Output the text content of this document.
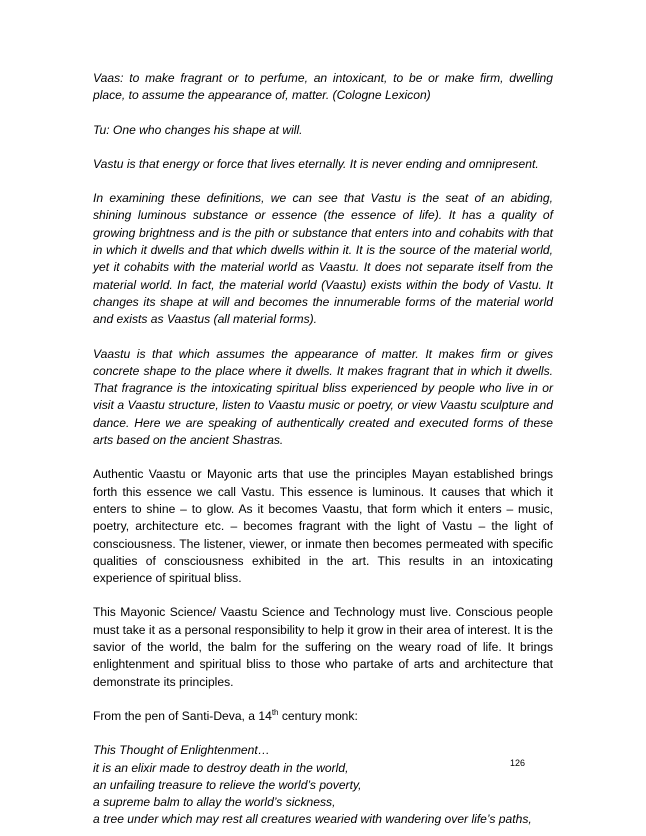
Vaas: to make fragrant or to perfume, an intoxicant, to be or make firm, dwelling place, to assume the appearance of, matter. (Cologne Lexicon)

Tu: One who changes his shape at will.

Vastu is that energy or force that lives eternally. It is never ending and omnipresent.

In examining these definitions, we can see that Vastu is the seat of an abiding, shining luminous substance or essence (the essence of life). It has a quality of growing brightness and is the pith or substance that enters into and cohabits with that in which it dwells and that which dwells within it. It is the source of the material world, yet it cohabits with the material world as Vaastu. It does not separate itself from the material world. In fact, the material world (Vaastu) exists within the body of Vastu. It changes its shape at will and becomes the innumerable forms of the material world and exists as Vaastus (all material forms).

Vaastu is that which assumes the appearance of matter. It makes firm or gives concrete shape to the place where it dwells. It makes fragrant that in which it dwells. That fragrance is the intoxicating spiritual bliss experienced by people who live in or visit a Vaastu structure, listen to Vaastu music or poetry, or view Vaastu sculpture and dance. Here we are speaking of authentically created and executed forms of these arts based on the ancient Shastras.

Authentic Vaastu or Mayonic arts that use the principles Mayan established brings forth this essence we call Vastu. This essence is luminous. It causes that which it enters to shine – to glow. As it becomes Vaastu, that form which it enters – music, poetry, architecture etc. – becomes fragrant with the light of Vastu – the light of consciousness. The listener, viewer, or inmate then becomes permeated with specific qualities of consciousness exhibited in the art. This results in an intoxicating experience of spiritual bliss.

This Mayonic Science/ Vaastu Science and Technology must live. Conscious people must take it as a personal responsibility to help it grow in their area of interest. It is the savior of the world, the balm for the suffering on the weary road of life. It brings enlightenment and spiritual bliss to those who partake of arts and architecture that demonstrate its principles.

From the pen of Santi-Deva, a 14th century monk:

This Thought of Enlightenment…

it is an elixir made to destroy death in the world,

an unfailing treasure to relieve the world’s poverty,

a supreme balm to allay the world’s sickness,

a tree under which may rest all creatures wearied with wandering over life’s paths,

126
